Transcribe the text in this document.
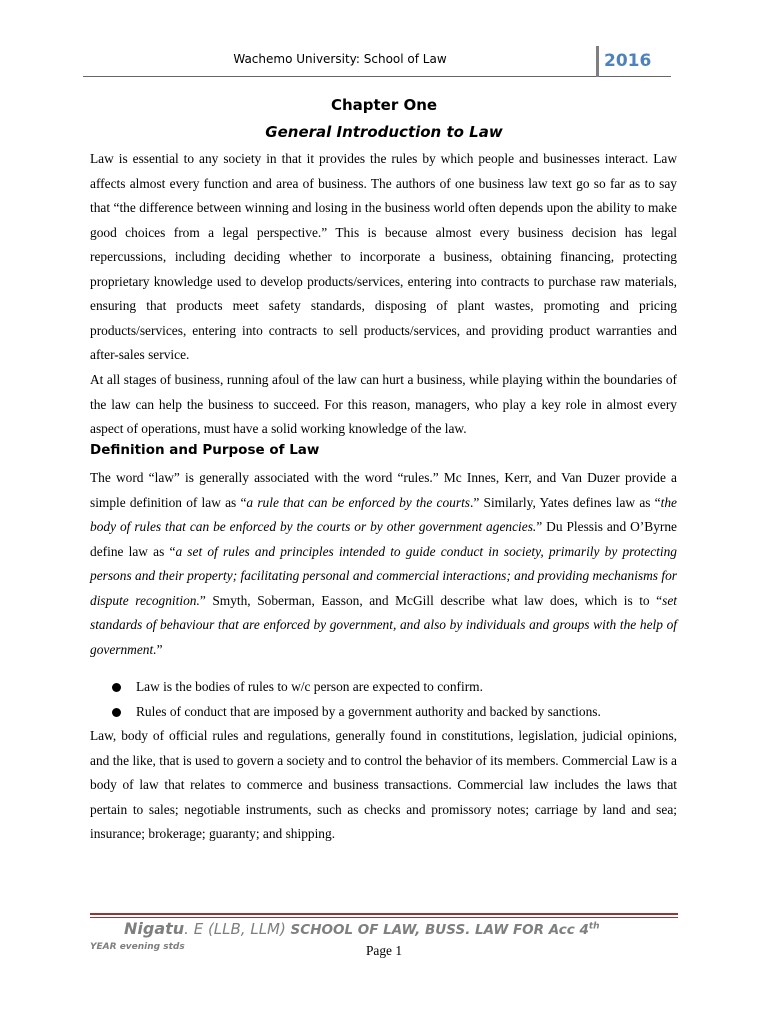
Wachemo University: School of Law	2016
Chapter One
General Introduction to Law

Law is essential to any society in that it provides the rules by which people and businesses interact. Law affects almost every function and area of business. The authors of one business law text go so far as to say that “the difference between winning and losing in the business world often depends upon the ability to make good choices from a legal perspective.” This is because almost every business decision has legal repercussions, including deciding whether to incorporate a business, obtaining financing, protecting proprietary knowledge used to develop products/services, entering into contracts to purchase raw materials, ensuring that products meet safety standards, disposing of plant wastes, promoting and pricing products/services, entering into contracts to sell products/services, and providing product warranties and after-sales service.

At all stages of business, running afoul of the law can hurt a business, while playing within the boundaries of the law can help the business to succeed. For this reason, managers, who play a key role in almost every aspect of operations, must have a solid working knowledge of the law.

Definition and Purpose of Law

The word “law” is generally associated with the word “rules.” Mc Innes, Kerr, and Van Duzer provide a simple definition of law as “a rule that can be enforced by the courts.” Similarly, Yates defines law as “the body of rules that can be enforced by the courts or by other government agencies.” Du Plessis and O’Byrne define law as “a set of rules and principles intended to guide conduct in society, primarily by protecting persons and their property; facilitating personal and commercial interactions; and providing mechanisms for dispute recognition.” Smyth, Soberman, Easson, and McGill describe what law does, which is to “set standards of behaviour that are enforced by government, and also by individuals and groups with the help of government.”

Law is the bodies of rules to w/c person are expected to confirm.
Rules of conduct that are imposed by a government authority and backed by sanctions.

Law, body of official rules and regulations, generally found in constitutions, legislation, judicial opinions, and the like, that is used to govern a society and to control the behavior of its members. Commercial Law is a body of law that relates to commerce and business transactions. Commercial law includes the laws that pertain to sales; negotiable instruments, such as checks and promissory notes; carriage by land and sea; insurance; brokerage; guaranty; and shipping.

Nigatu. E (LLB, LLM) SCHOOL OF LAW, BUSS. LAW FOR Acc 4th
YEAR evening stds	Page 1
